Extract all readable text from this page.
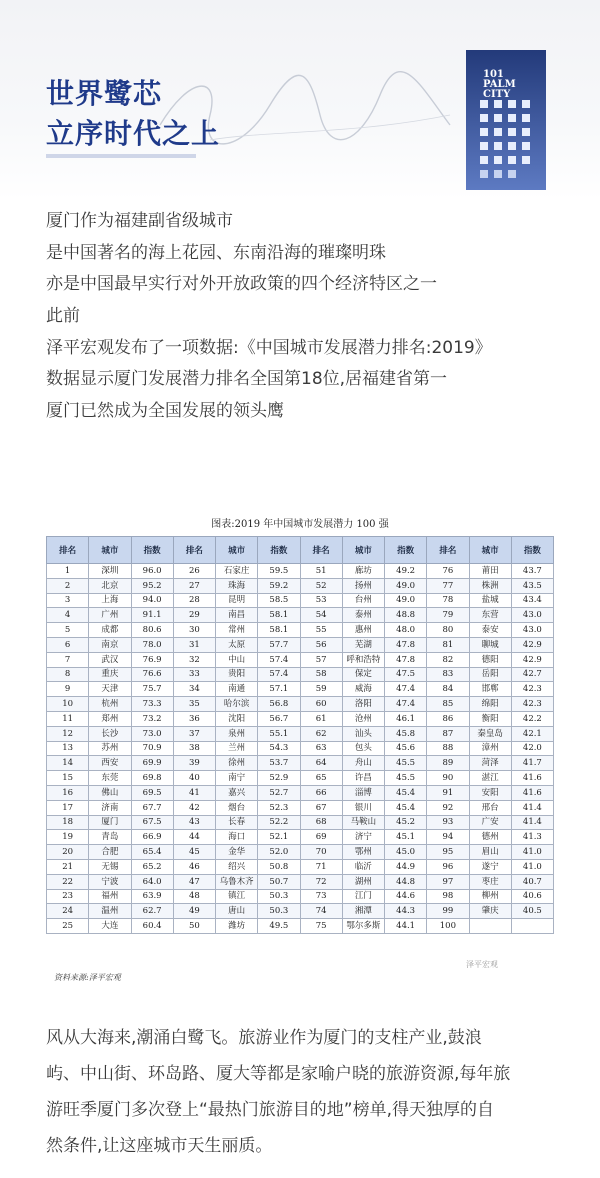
世界鹭芯
立序时代之上
101
PALM
CITY

厦门作为福建副省级城市

是中国著名的海上花园、东南沿海的璀璨明珠

亦是中国最早实行对外开放政策的四个经济特区之一

此前

泽平宏观发布了一项数据:《中国城市发展潜力排名:2019》

数据显示厦门发展潜力排名全国第18位,居福建省第一

厦门已然成为全国发展的领头鹰

图表:2019 年中国城市发展潜力 100 强
排名	城市	指数	排名	城市	指数	排名	城市	指数	排名	城市	指数
1	深圳	96.0	26	石家庄	59.5	51	廊坊	49.2	76	莆田	43.7
2	北京	95.2	27	珠海	59.2	52	扬州	49.0	77	株洲	43.5
3	上海	94.0	28	昆明	58.5	53	台州	49.0	78	盐城	43.4
4	广州	91.1	29	南昌	58.1	54	泰州	48.8	79	东营	43.0
5	成都	80.6	30	常州	58.1	55	惠州	48.0	80	泰安	43.0
6	南京	78.0	31	太原	57.7	56	芜湖	47.8	81	聊城	42.9
7	武汉	76.9	32	中山	57.4	57	呼和浩特	47.8	82	德阳	42.9
8	重庆	76.6	33	贵阳	57.4	58	保定	47.5	83	岳阳	42.7
9	天津	75.7	34	南通	57.1	59	威海	47.4	84	邯郸	42.3
10	杭州	73.3	35	哈尔滨	56.8	60	洛阳	47.4	85	绵阳	42.3
11	郑州	73.2	36	沈阳	56.7	61	沧州	46.1	86	衡阳	42.2
12	长沙	73.0	37	泉州	55.1	62	汕头	45.8	87	秦皇岛	42.1
13	苏州	70.9	38	兰州	54.3	63	包头	45.6	88	漳州	42.0
14	西安	69.9	39	徐州	53.7	64	舟山	45.5	89	菏泽	41.7
15	东莞	69.8	40	南宁	52.9	65	许昌	45.5	90	湛江	41.6
16	佛山	69.5	41	嘉兴	52.7	66	淄博	45.4	91	安阳	41.6
17	济南	67.7	42	烟台	52.3	67	银川	45.4	92	邢台	41.4
18	厦门	67.5	43	长春	52.2	68	马鞍山	45.2	93	广安	41.4
19	青岛	66.9	44	海口	52.1	69	济宁	45.1	94	德州	41.3
20	合肥	65.4	45	金华	52.0	70	鄂州	45.0	95	眉山	41.0
21	无锡	65.2	46	绍兴	50.8	71	临沂	44.9	96	遂宁	41.0
22	宁波	64.0	47	乌鲁木齐	50.7	72	湖州	44.8	97	枣庄	40.7
23	福州	63.9	48	镇江	50.3	73	江门	44.6	98	柳州	40.6
24	温州	62.7	49	唐山	50.3	74	湘潭	44.3	99	肇庆	40.5
25	大连	60.4	50	潍坊	49.5	75	鄂尔多斯	44.1	100		
资料来源:泽平宏观
泽平宏观

风从大海来,潮涌白鹭飞。旅游业作为厦门的支柱产业,鼓浪

屿、中山街、环岛路、厦大等都是家喻户晓的旅游资源,每年旅

游旺季厦门多次登上“最热门旅游目的地”榜单,得天独厚的自

然条件,让这座城市天生丽质。
